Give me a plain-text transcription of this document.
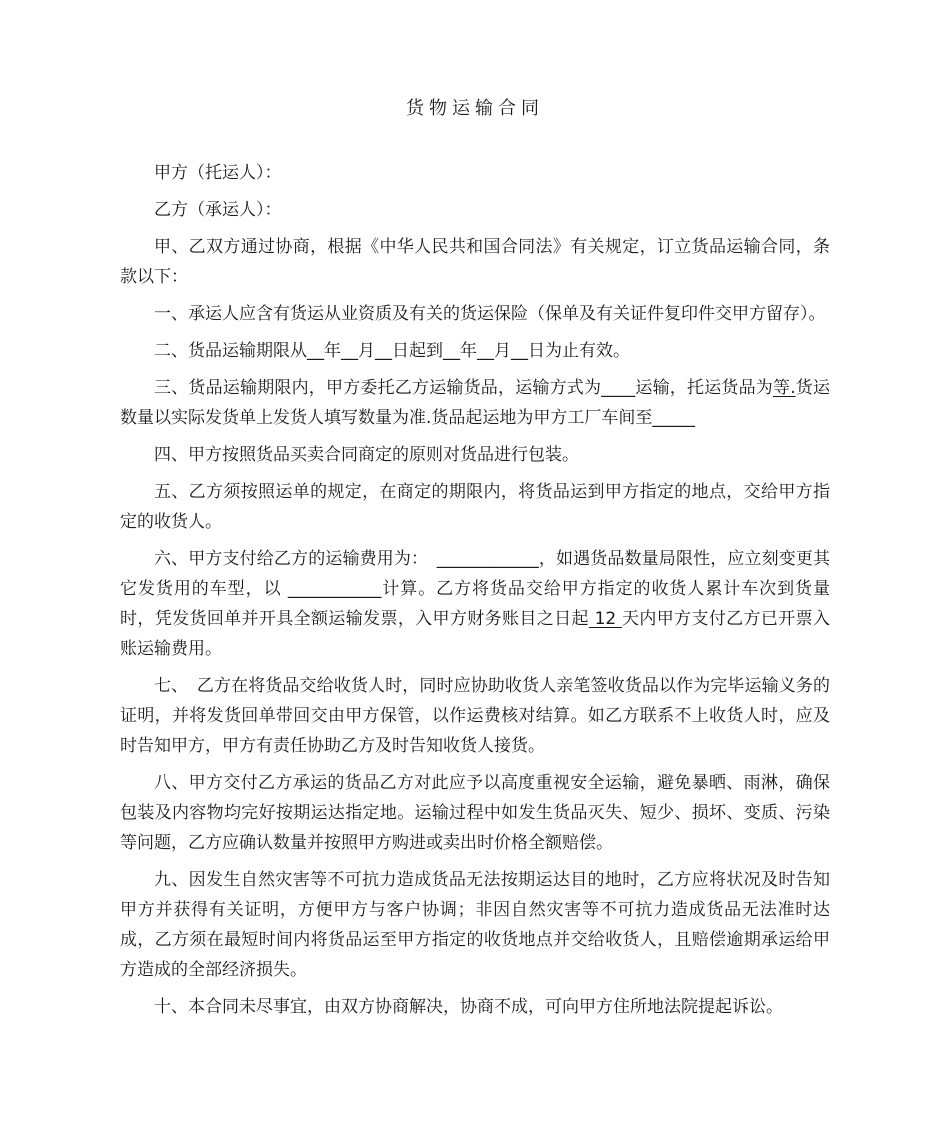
货物运输合同

甲方（托运人）：

乙方（承运人）：

甲、乙双方通过协商，根据《中华人民共和国合同法》有关规定，订立货品运输合同，条款以下：

一、承运人应含有货运从业资质及有关的货运保险（保单及有关证件复印件交甲方留存）。

二、货品运输期限从__年__月__日起到__年__月__日为止有效。

三、货品运输期限内，甲方委托乙方运输货品，运输方式为____运输，托运货品为等.货运数量以实际发货单上发货人填写数量为准.货品起运地为甲方工厂车间至_____

四、甲方按照货品买卖合同商定的原则对货品进行包装。

五、乙方须按照运单的规定，在商定的期限内，将货品运到甲方指定的地点，交给甲方指定的收货人。

六、甲方支付给乙方的运输费用为：　____________，如遇货品数量局限性，应立刻变更其它发货用的车型，以 ___________计算。乙方将货品交给甲方指定的收货人累计车次到货量时，凭发货回单并开具全额运输发票，入甲方财务账目之日起 12 天内甲方支付乙方已开票入账运输费用。

七、　乙方在将货品交给收货人时，同时应协助收货人亲笔签收货品以作为完毕运输义务的证明，并将发货回单带回交由甲方保管，以作运费核对结算。如乙方联系不上收货人时，应及时告知甲方，甲方有责任协助乙方及时告知收货人接货。

八、甲方交付乙方承运的货品乙方对此应予以高度重视安全运输，避免暴晒、雨淋，确保包装及内容物均完好按期运达指定地。运输过程中如发生货品灭失、短少、损坏、变质、污染等问题，乙方应确认数量并按照甲方购进或卖出时价格全额赔偿。

九、因发生自然灾害等不可抗力造成货品无法按期运达目的地时，乙方应将状况及时告知甲方并获得有关证明，方便甲方与客户协调；非因自然灾害等不可抗力造成货品无法准时达成，乙方须在最短时间内将货品运至甲方指定的收货地点并交给收货人，且赔偿逾期承运给甲方造成的全部经济损失。

十、本合同未尽事宜，由双方协商解决，协商不成，可向甲方住所地法院提起诉讼。
